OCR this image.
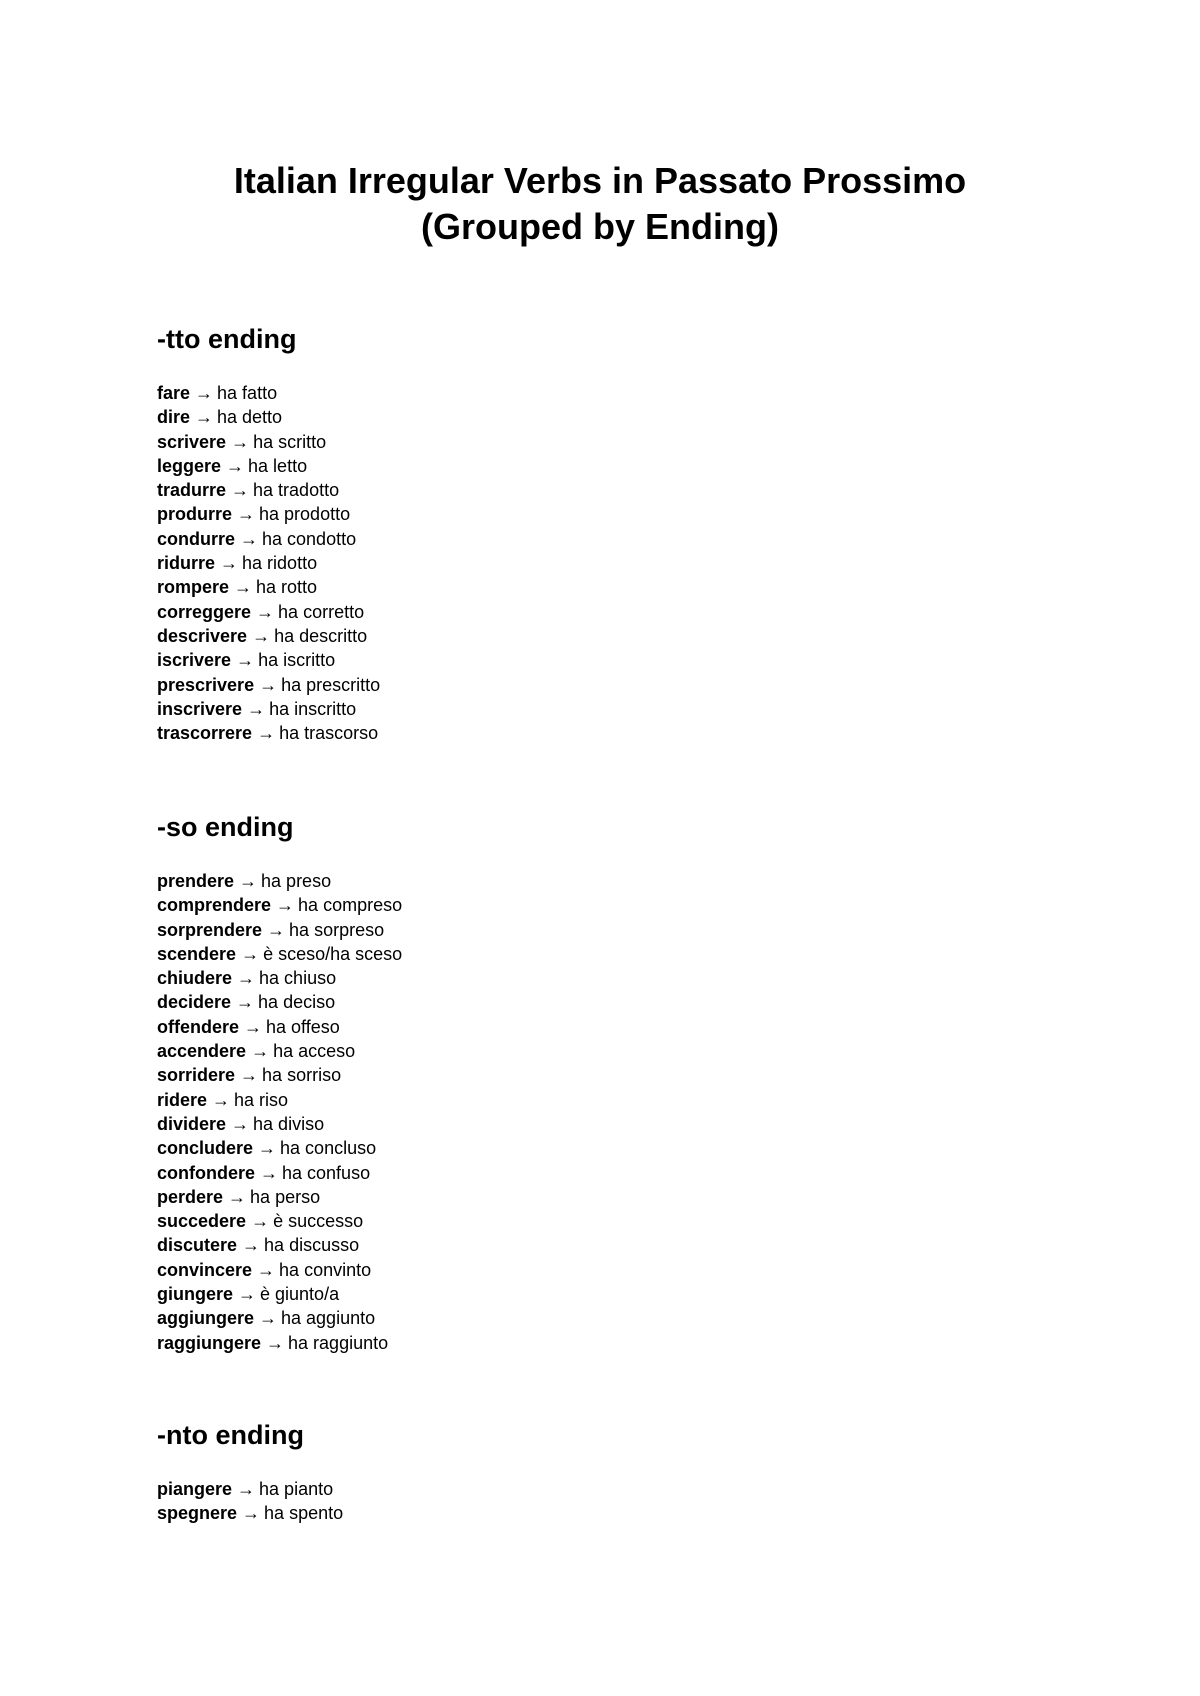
Italian Irregular Verbs in Passato Prossimo
(Grouped by Ending)
-tto ending
fare → ha fatto
dire → ha detto
scrivere → ha scritto
leggere → ha letto
tradurre → ha tradotto
produrre → ha prodotto
condurre → ha condotto
ridurre → ha ridotto
rompere → ha rotto
correggere → ha corretto
descrivere → ha descritto
iscrivere → ha iscritto
prescrivere → ha prescritto
inscrivere → ha inscritto
trascorrere → ha trascorso
-so ending
prendere → ha preso
comprendere → ha compreso
sorprendere → ha sorpreso
scendere → è sceso/ha sceso
chiudere → ha chiuso
decidere → ha deciso
offendere → ha offeso
accendere → ha acceso
sorridere → ha sorriso
ridere → ha riso
dividere → ha diviso
concludere → ha concluso
confondere → ha confuso
perdere → ha perso
succedere → è successo
discutere → ha discusso
convincere → ha convinto
giungere → è giunto/a
aggiungere → ha aggiunto
raggiungere → ha raggiunto
-nto ending
piangere → ha pianto
spegnere → ha spento
